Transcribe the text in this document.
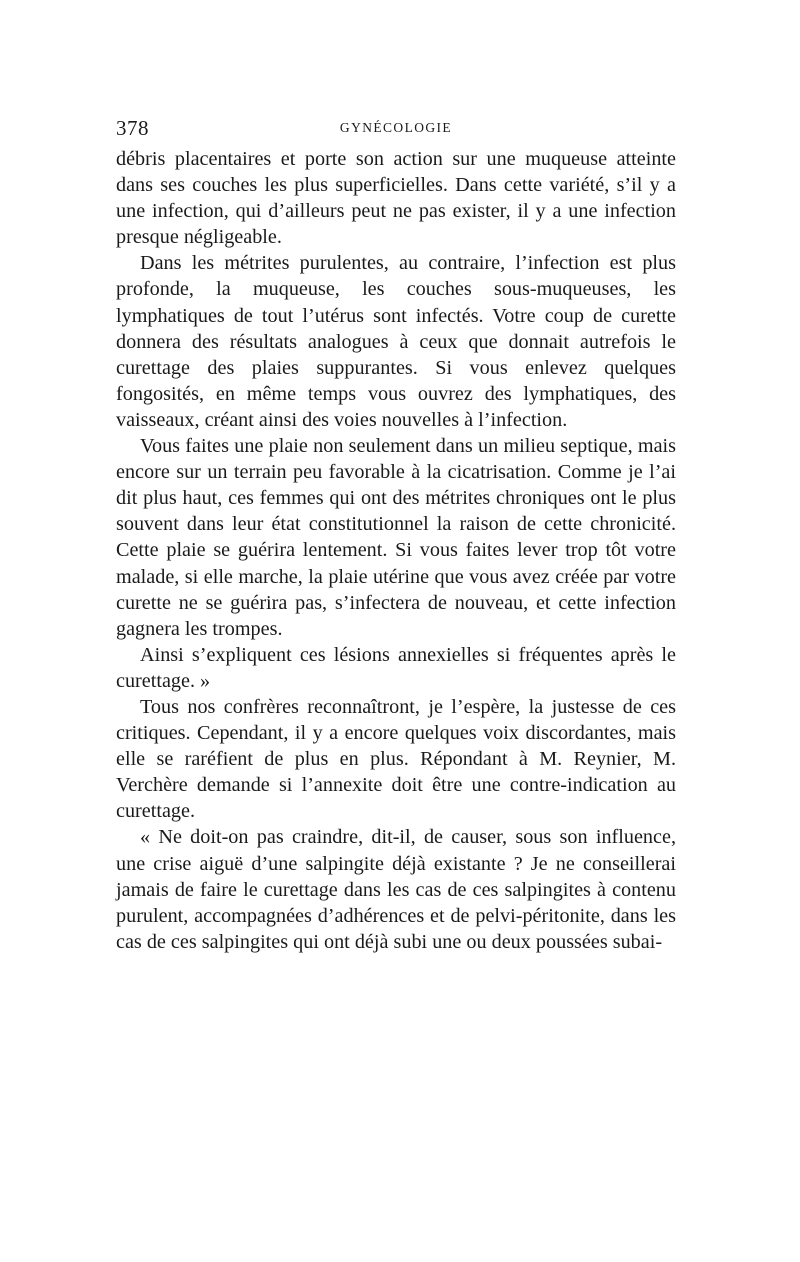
378	GYNÉCOLOGIE

débris placentaires et porte son action sur une muqueuse atteinte dans ses couches les plus superficielles. Dans cette variété, s’il y a une infection, qui d’ailleurs peut ne pas exister, il y a une infection presque négligeable.

Dans les métrites purulentes, au contraire, l’infection est plus profonde, la muqueuse, les couches sous-muqueuses, les lymphatiques de tout l’utérus sont infectés. Votre coup de curette donnera des résultats analogues à ceux que donnait autrefois le curettage des plaies suppurantes. Si vous enlevez quelques fongosités, en même temps vous ouvrez des lymphatiques, des vaisseaux, créant ainsi des voies nouvelles à l’infection.

Vous faites une plaie non seulement dans un milieu septique, mais encore sur un terrain peu favorable à la cicatrisation. Comme je l’ai dit plus haut, ces femmes qui ont des métrites chroniques ont le plus souvent dans leur état constitutionnel la raison de cette chronicité. Cette plaie se guérira lentement. Si vous faites lever trop tôt votre malade, si elle marche, la plaie utérine que vous avez créée par votre curette ne se guérira pas, s’infectera de nouveau, et cette infection gagnera les trompes.

Ainsi s’expliquent ces lésions annexielles si fréquentes après le curettage. »

Tous nos confrères reconnaîtront, je l’espère, la justesse de ces critiques. Cependant, il y a encore quelques voix discordantes, mais elle se raréfient de plus en plus. Répondant à M. Reynier, M. Verchère demande si l’annexite doit être une contre-indication au curettage.

« Ne doit-on pas craindre, dit-il, de causer, sous son influence, une crise aiguë d’une salpingite déjà existante ? Je ne conseillerai jamais de faire le curettage dans les cas de ces salpingites à contenu purulent, accompagnées d’adhérences et de pelvi-péritonite, dans les cas de ces salpingites qui ont déjà subi une ou deux poussées subai-
